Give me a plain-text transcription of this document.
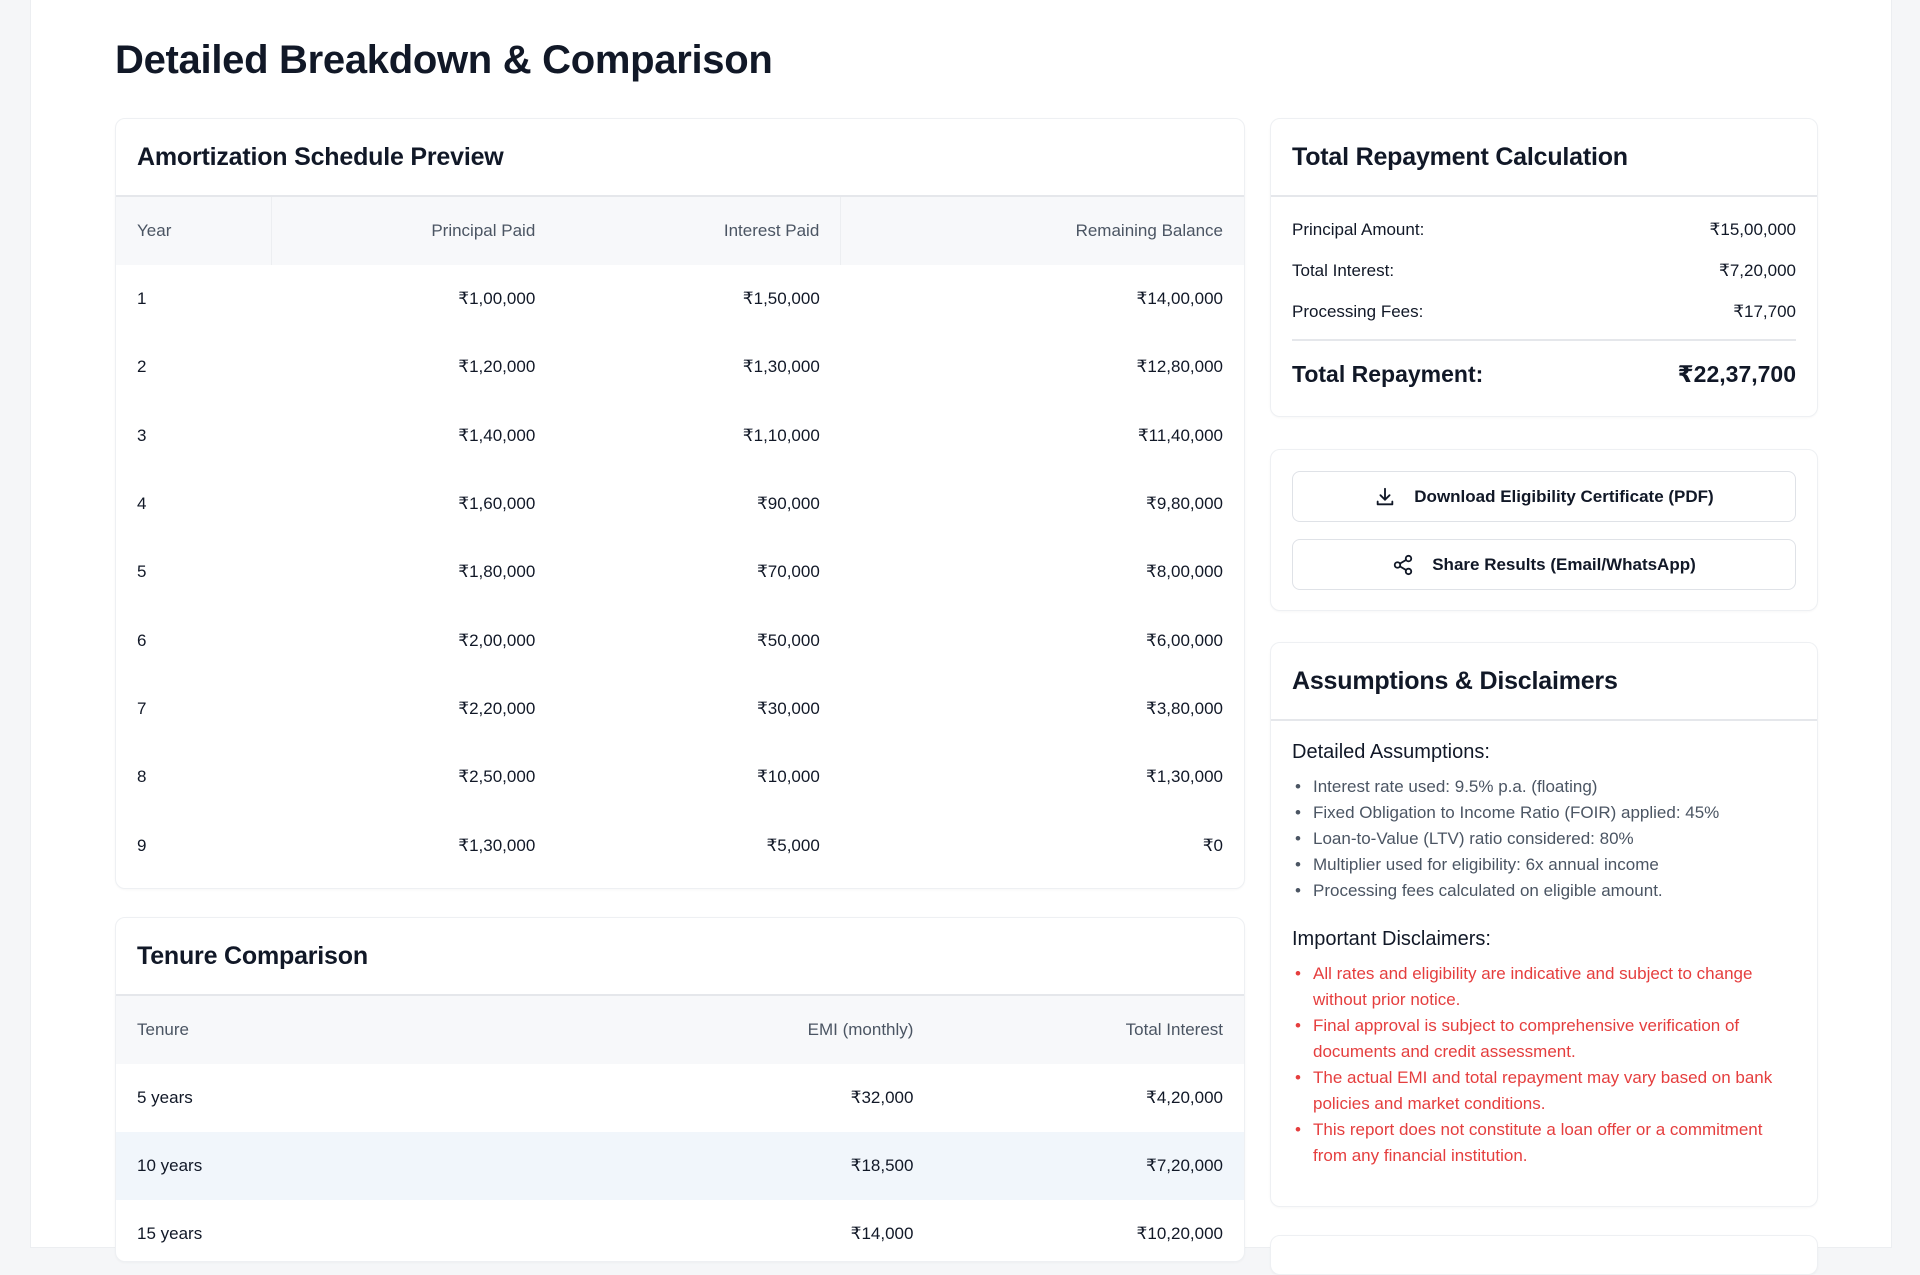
Detailed Breakdown & Comparison
Amortization Schedule Preview
Year	Principal Paid	Interest Paid	Remaining Balance
1	₹1,00,000	₹1,50,000	₹14,00,000
2	₹1,20,000	₹1,30,000	₹12,80,000
3	₹1,40,000	₹1,10,000	₹11,40,000
4	₹1,60,000	₹90,000	₹9,80,000
5	₹1,80,000	₹70,000	₹8,00,000
6	₹2,00,000	₹50,000	₹6,00,000
7	₹2,20,000	₹30,000	₹3,80,000
8	₹2,50,000	₹10,000	₹1,30,000
9	₹1,30,000	₹5,000	₹0
Tenure Comparison
Tenure	EMI (monthly)	Total Interest
5 years	₹32,000	₹4,20,000
10 years	₹18,500	₹7,20,000
15 years	₹14,000	₹10,20,000
Total Repayment Calculation
Principal Amount:	₹15,00,000
Total Interest:	₹7,20,000
Processing Fees:	₹17,700
Total Repayment:	₹22,37,700
Download Eligibility Certificate (PDF)
Share Results (Email/WhatsApp)
Assumptions & Disclaimers
Detailed Assumptions:
• Interest rate used: 9.5% p.a. (floating)
• Fixed Obligation to Income Ratio (FOIR) applied: 45%
• Loan-to-Value (LTV) ratio considered: 80%
• Multiplier used for eligibility: 6x annual income
• Processing fees calculated on eligible amount.
Important Disclaimers:
• All rates and eligibility are indicative and subject to change without prior notice.
• Final approval is subject to comprehensive verification of documents and credit assessment.
• The actual EMI and total repayment may vary based on bank policies and market conditions.
• This report does not constitute a loan offer or a commitment from any financial institution.
